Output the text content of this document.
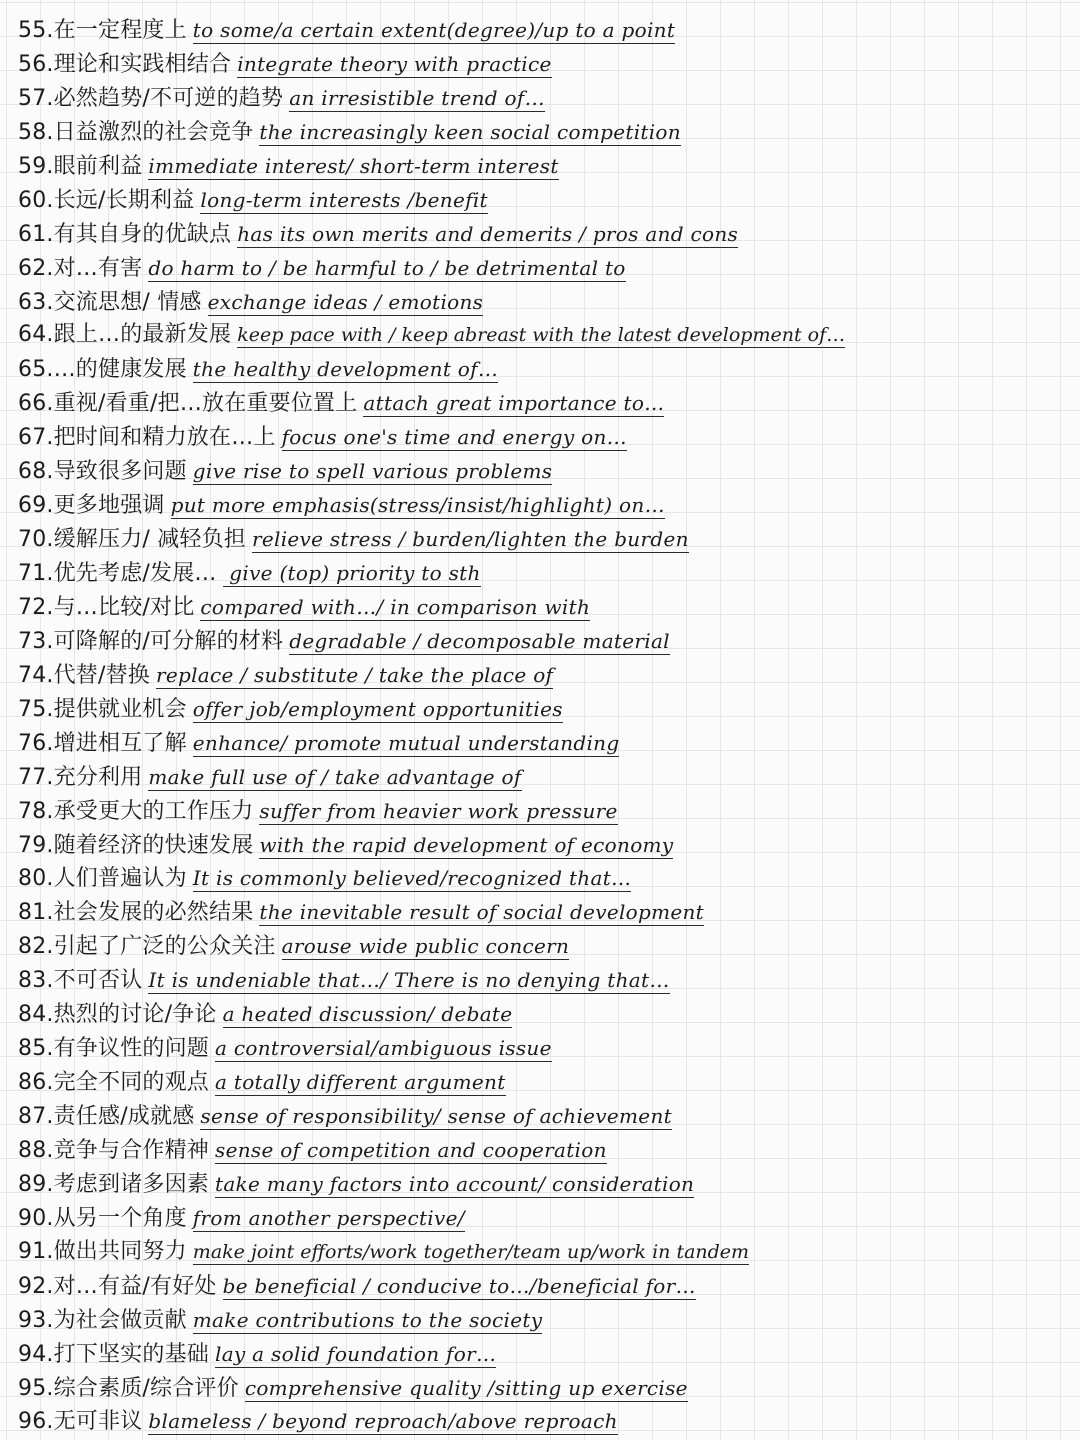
55.在一定程度上 to some/a certain extent(degree)/up to a point
56.理论和实践相结合 integrate theory with practice
57.必然趋势/不可逆的趋势 an irresistible trend of…
58.日益激烈的社会竞争 the increasingly keen social competition
59.眼前利益 immediate interest/ short-term interest
60.长远/长期利益 long-term interests /benefit
61.有其自身的优缺点 has its own merits and demerits / pros and cons
62.对…有害 do harm to / be harmful to / be detrimental to
63.交流思想/ 情感 exchange ideas / emotions
64.跟上…的最新发展 keep pace with / keep abreast with the latest development of…
65.…的健康发展 the healthy development of…
66.重视/看重/把…放在重要位置上 attach great importance to…
67.把时间和精力放在…上 focus one's time and energy on…
68.导致很多问题 give rise to spell various problems
69.更多地强调 put more emphasis(stress/insist/highlight) on…
70.缓解压力/ 减轻负担 relieve stress / burden/lighten the burden
71.优先考虑/发展… give (top) priority to sth
72.与…比较/对比 compared with…/ in comparison with
73.可降解的/可分解的材料 degradable / decomposable material
74.代替/替换 replace / substitute / take the place of
75.提供就业机会 offer job/employment opportunities
76.增进相互了解 enhance/ promote mutual understanding
77.充分利用 make full use of / take advantage of
78.承受更大的工作压力 suffer from heavier work pressure
79.随着经济的快速发展 with the rapid development of economy
80.人们普遍认为 It is commonly believed/recognized that…
81.社会发展的必然结果 the inevitable result of social development
82.引起了广泛的公众关注 arouse wide public concern
83.不可否认 It is undeniable that…/ There is no denying that…
84.热烈的讨论/争论 a heated discussion/ debate
85.有争议性的问题 a controversial/ambiguous issue
86.完全不同的观点 a totally different argument
87.责任感/成就感 sense of responsibility/ sense of achievement
88.竞争与合作精神 sense of competition and cooperation
89.考虑到诸多因素 take many factors into account/ consideration
90.从另一个角度 from another perspective/
91.做出共同努力 make joint efforts/work together/team up/work in tandem
92.对…有益/有好处 be beneficial / conducive to…/beneficial for…
93.为社会做贡献 make contributions to the society
94.打下坚实的基础 lay a solid foundation for…
95.综合素质/综合评价 comprehensive quality /sitting up exercise
96.无可非议 blameless / beyond reproach/above reproach
